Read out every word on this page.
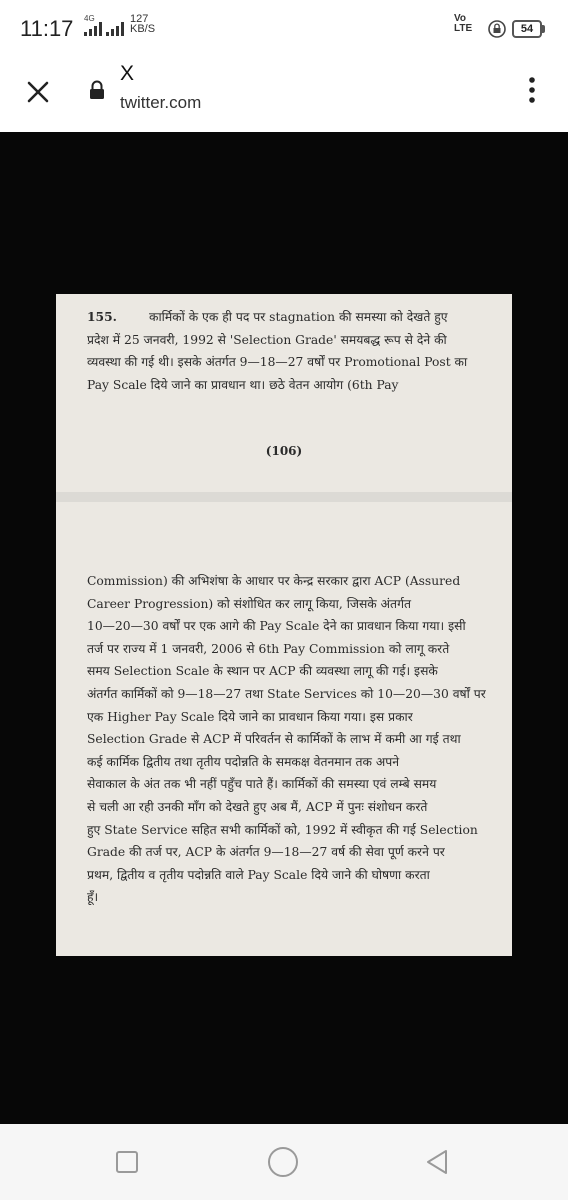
11:17 4G	127
KB/S
Vo
LTE	54
X
twitter.com
155.	कार्मिकों के एक ही पद पर stagnation की समस्या को देखते हुए
प्रदेश में 25 जनवरी, 1992 से 'Selection Grade' समयबद्ध रूप से देने की
व्यवस्था की गई थी। इसके अंतर्गत 9—18—27 वर्षों पर Promotional Post का
Pay Scale दिये जाने का प्रावधान था। छठे वेतन आयोग (6th Pay
(106)
Commission) की अभिशंषा के आधार पर केन्द्र सरकार द्वारा ACP (Assured
Career Progression) को संशोधित कर लागू किया, जिसके अंतर्गत
10—20—30 वर्षों पर एक आगे की Pay Scale देने का प्रावधान किया गया। इसी
तर्ज पर राज्य में 1 जनवरी, 2006 से 6th Pay Commission को लागू करते
समय Selection Scale के स्थान पर ACP की व्यवस्था लागू की गई। इसके
अंतर्गत कार्मिकों को 9—18—27 तथा State Services को 10—20—30 वर्षों पर
एक Higher Pay Scale दिये जाने का प्रावधान किया गया। इस प्रकार
Selection Grade से ACP में परिवर्तन से कार्मिकों के लाभ में कमी आ गई तथा
कई कार्मिक द्वितीय तथा तृतीय पदोन्नति के समकक्ष वेतनमान तक अपने
सेवाकाल के अंत तक भी नहीं पहुँच पाते हैं। कार्मिकों की समस्या एवं लम्बे समय
से चली आ रही उनकी माँग को देखते हुए अब मैं, ACP में पुनः संशोधन करते
हुए State Service सहित सभी कार्मिकों को, 1992 में स्वीकृत की गई Selection
Grade की तर्ज पर, ACP के अंतर्गत 9—18—27 वर्ष की सेवा पूर्ण करने पर
प्रथम, द्वितीय व तृतीय पदोन्नति वाले Pay Scale दिये जाने की घोषणा करता
हूँ।
